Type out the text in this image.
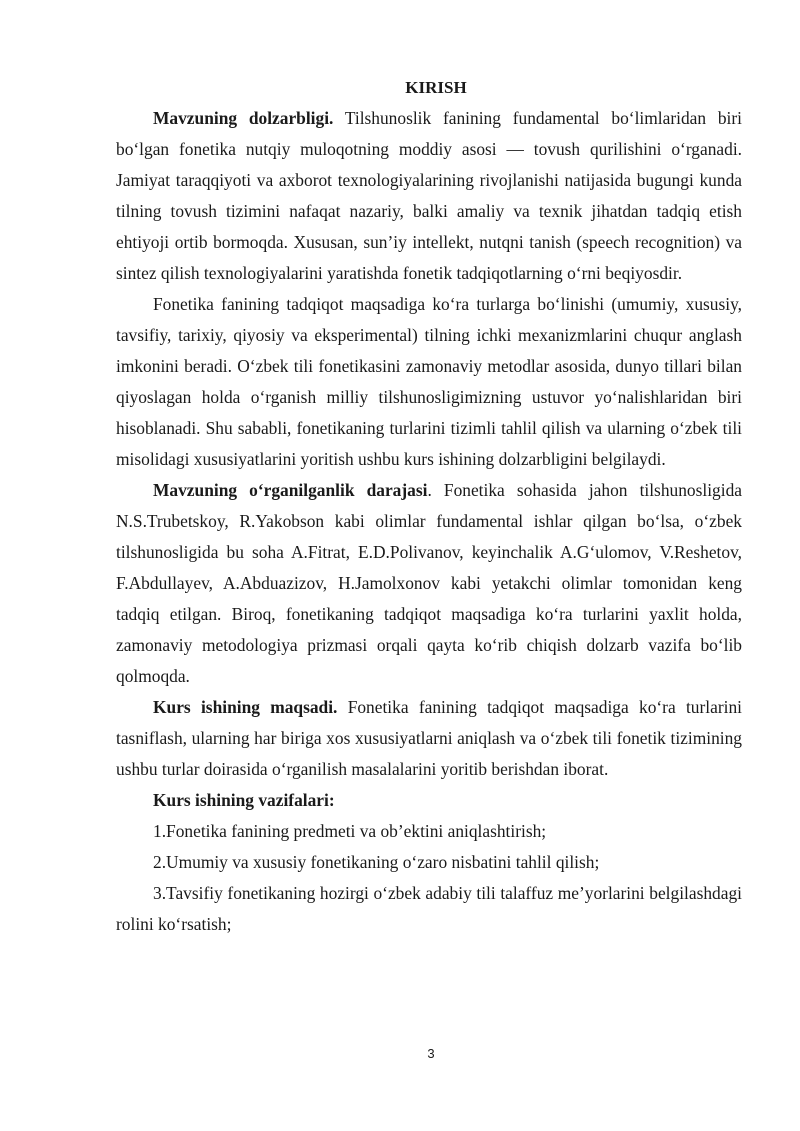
KIRISH

Mavzuning dolzarbligi. Tilshunoslik fanining fundamental bo‘limlaridan biri bo‘lgan fonetika nutqiy muloqotning moddiy asosi — tovush qurilishini o‘rganadi. Jamiyat taraqqiyoti va axborot texnologiyalarining rivojlanishi natijasida bugungi kunda tilning tovush tizimini nafaqat nazariy, balki amaliy va texnik jihatdan tadqiq etish ehtiyoji ortib bormoqda. Xususan, sun’iy intellekt, nutqni tanish (speech recognition) va sintez qilish texnologiyalarini yaratishda fonetik tadqiqotlarning o‘rni beqiyosdir.

Fonetika fanining tadqiqot maqsadiga ko‘ra turlarga bo‘linishi (umumiy, xususiy, tavsifiy, tarixiy, qiyosiy va eksperimental) tilning ichki mexanizmlarini chuqur anglash imkonini beradi. O‘zbek tili fonetikasini zamonaviy metodlar asosida, dunyo tillari bilan qiyoslagan holda o‘rganish milliy tilshunosligimizning ustuvor yo‘nalishlaridan biri hisoblanadi. Shu sababli, fonetikaning turlarini tizimli tahlil qilish va ularning o‘zbek tili misolidagi xususiyatlarini yoritish ushbu kurs ishining dolzarbligini belgilaydi.

Mavzuning o‘rganilganlik darajasi. Fonetika sohasida jahon tilshunosligida N.S.Trubetskoy, R.Yakobson kabi olimlar fundamental ishlar qilgan bo‘lsa, o‘zbek tilshunosligida bu soha A.Fitrat, E.D.Polivanov, keyinchalik A.G‘ulomov, V.Reshetov, F.Abdullayev, A.Abduazizov, H.Jamolxonov kabi yetakchi olimlar tomonidan keng tadqiq etilgan. Biroq, fonetikaning tadqiqot maqsadiga ko‘ra turlarini yaxlit holda, zamonaviy metodologiya prizmasi orqali qayta ko‘rib chiqish dolzarb vazifa bo‘lib qolmoqda.

Kurs ishining maqsadi. Fonetika fanining tadqiqot maqsadiga ko‘ra turlarini tasniflash, ularning har biriga xos xususiyatlarni aniqlash va o‘zbek tili fonetik tizimining ushbu turlar doirasida o‘rganilish masalalarini yoritib berishdan iborat.

Kurs ishining vazifalari:

1.Fonetika fanining predmeti va ob’ektini aniqlashtirish;

2.Umumiy va xususiy fonetikaning o‘zaro nisbatini tahlil qilish;

3.Tavsifiy fonetikaning hozirgi o‘zbek adabiy tili talaffuz me’yorlarini belgilashdagi rolini ko‘rsatish;

3
